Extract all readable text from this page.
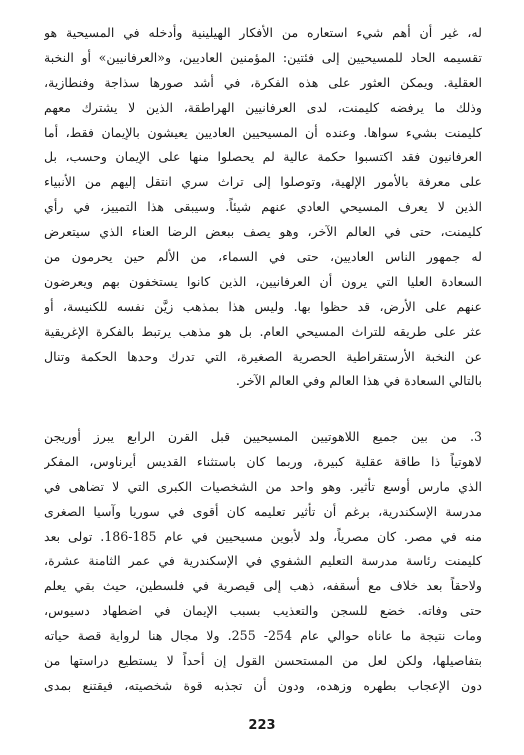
له، غير أن أهم شيء استعاره من الأفكار الهيلينية وأدخله في المسيحية هو
تقسيمه الحاد للمسيحيين إلى فئتين: المؤمنين العاديين، و«العرفانيين» أو النخبة
العقلية. ويمكن العثور على هذه الفكرة، في أشد صورها سذاجة وفنطازية،
وذلك ما يرفضه كليمنت، لدى العرفانيين الهراطقة، الذين لا يشترك معهم
كليمنت بشيء سواها. وعنده أن المسيحيين العاديين يعيشون بالإيمان فقط، أما
العرفانيون فقد اكتسبوا حكمة عالية لم يحصلوا منها على الإيمان وحسب، بل
على معرفة بالأمور الإلهية، وتوصلوا إلى تراث سري انتقل إليهم من الأنبياء
الذين لا يعرف المسيحي العادي عنهم شيئاً. وسيبقى هذا التمييز، في رأي
كليمنت، حتى في العالم الآخر، وهو يصف ببعض الرضا العناء الذي سيتعرض
له جمهور الناس العاديين، حتى في السماء، من الألم حين يحرمون من
السعادة العليا التي يرون أن العرفانيين، الذين كانوا يستخفون بهم ويعرضون
عنهم على الأرض، قد حظوا بها. وليس هذا بمذهب زيَّن نفسه للكنيسة، أو
عثر على طريقه للتراث المسيحي العام. بل هو مذهب يرتبط بالفكرة الإغريقية
عن النخبة الأرستقراطية الحصرية الصغيرة، التي تدرك وحدها الحكمة وتنال
بالتالي السعادة في هذا العالم وفي العالم الآخر.
3. من بين جميع اللاهوتيين المسيحيين قبل القرن الرابع يبرز أوريجن
لاهوتياً ذا طاقة عقلية كبيرة، وربما كان باستثناء القديس أيرناوس، المفكر
الذي مارس أوسع تأثير. وهو واحد من الشخصيات الكبرى التي لا تضاهى في
مدرسة الإسكندرية، برغم أن تأثير تعليمه كان أقوى في سوريا وآسيا الصغرى
منه في مصر. كان مصرياً، ولد لأبوين مسيحيين في عام 185-186. تولى بعد
كليمنت رئاسة مدرسة التعليم الشفوي في الإسكندرية في عمر الثامنة عشرة،
ولاحقاً بعد خلاف مع أسقفه، ذهب إلى قيصرية في فلسطين، حيث بقي يعلم
حتى وفاته. خضع للسجن والتعذيب بسبب الإيمان في اضطهاد دسيوس،
ومات نتيجة ما عاناه حوالي عام 254- 255. ولا مجال هنا لرواية قصة حياته
بتفاصيلها، ولكن لعل من المستحسن القول إن أحداً لا يستطيع دراستها من
دون الإعجاب بطهره وزهده، ودون أن تجذبه قوة شخصيته، فيقتنع بمدى
223
